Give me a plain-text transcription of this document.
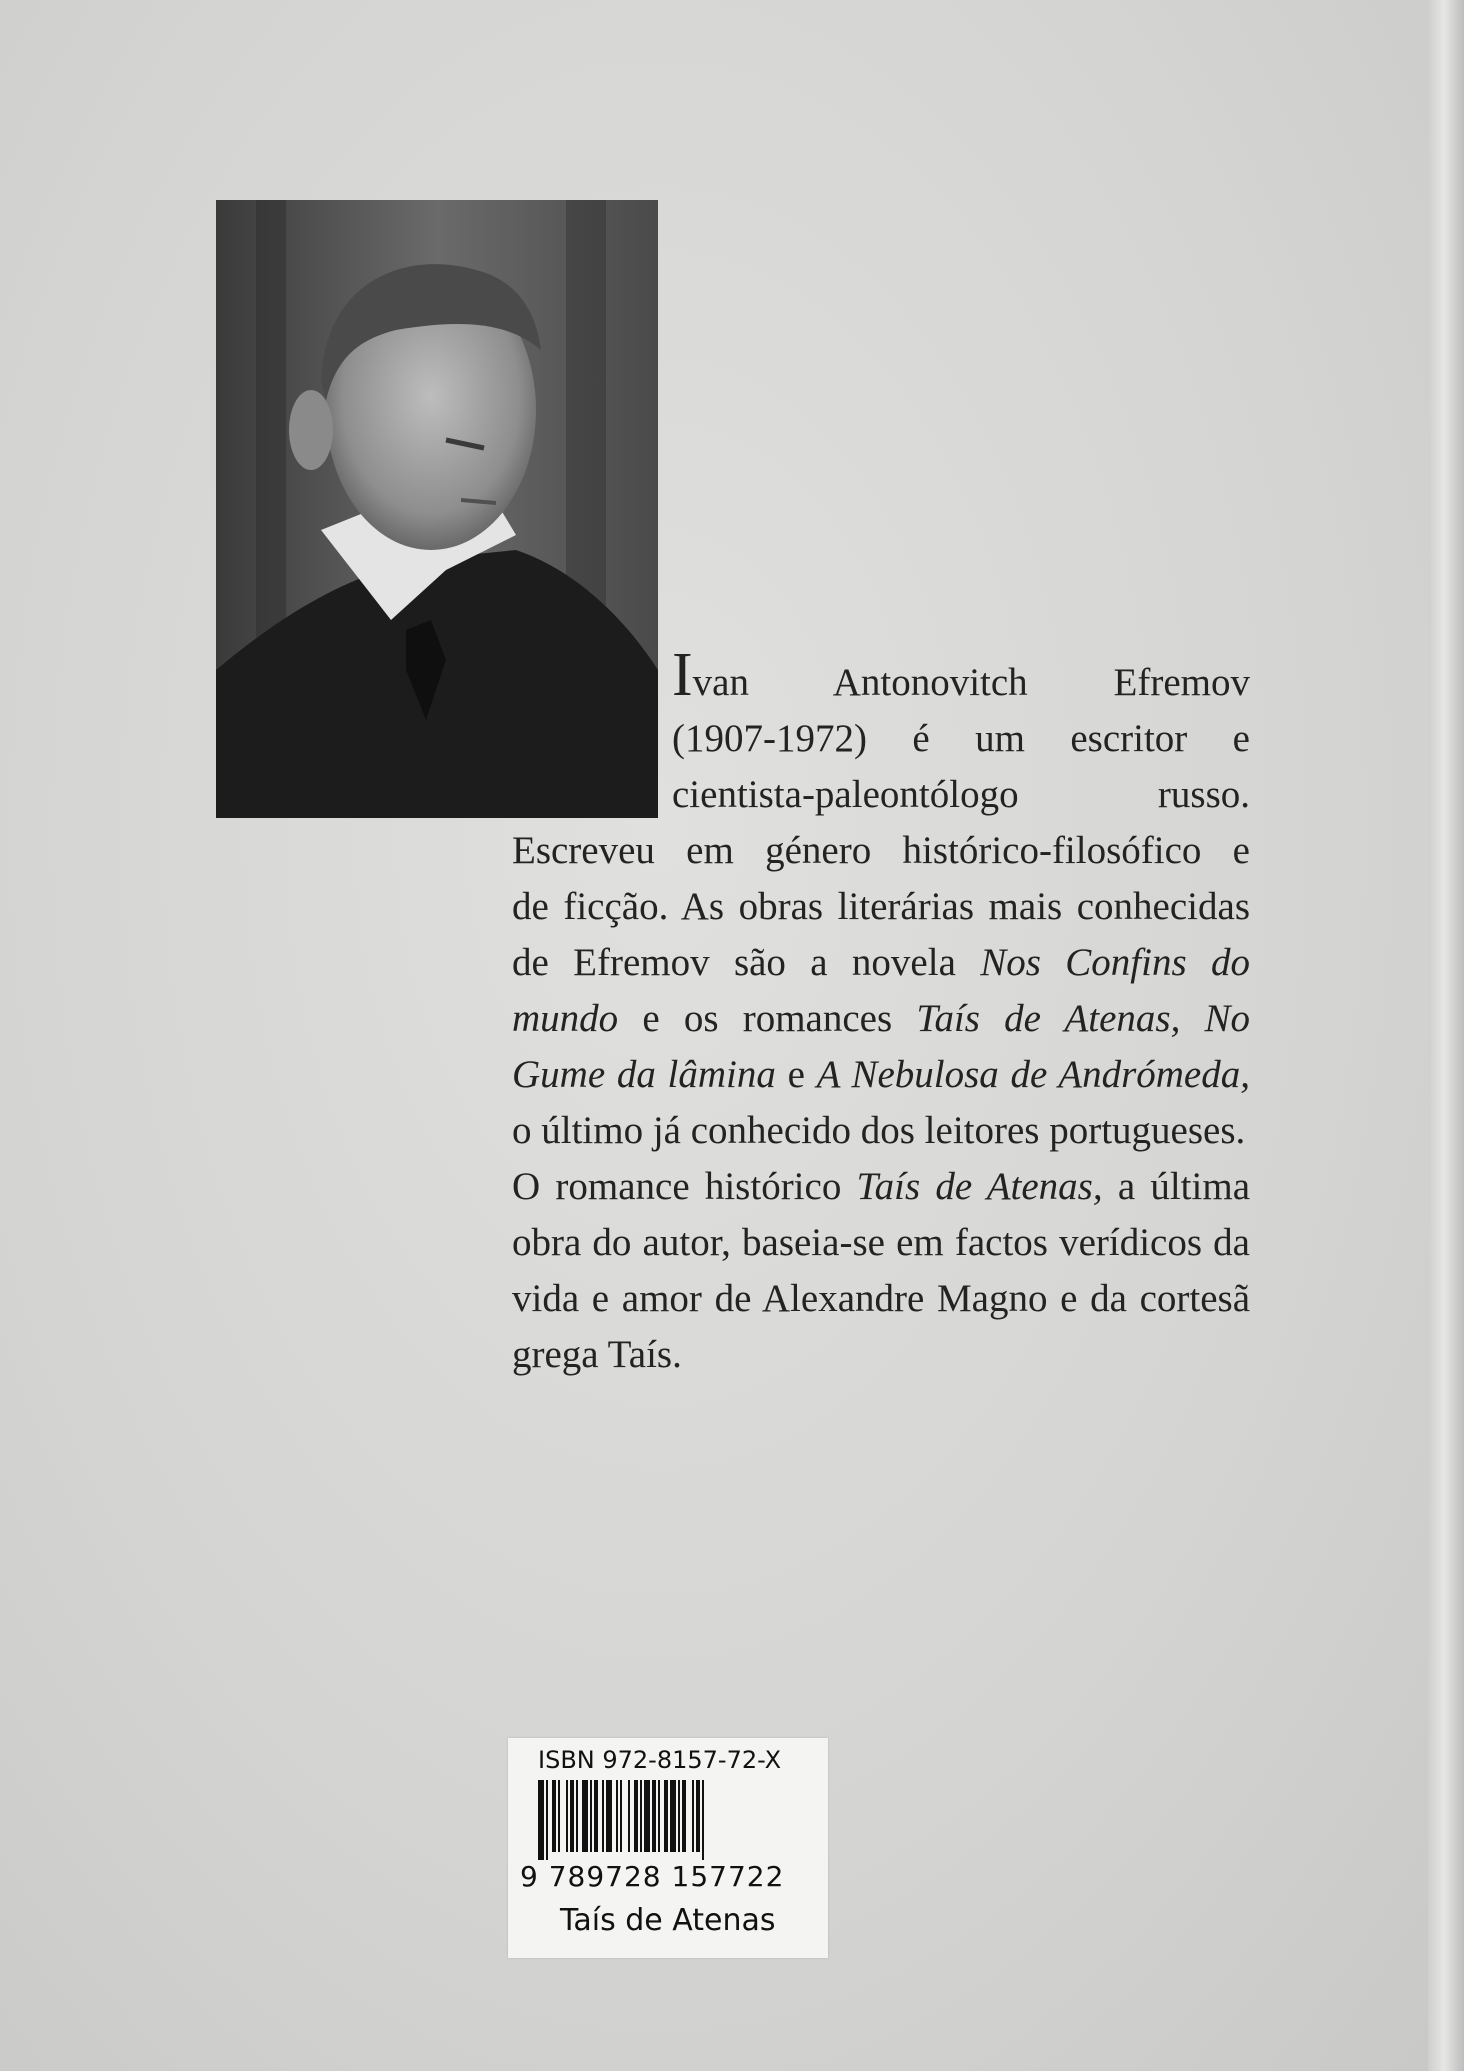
Ivan Antonovitch Efremov

(1907-1972) é um escritor e

cientista-paleontólogo russo.

Escreveu em género histórico-filosófico e

de ficção. As obras literárias mais conhecidas

de Efremov são a novela Nos Confins do mundo e os romances Taís de Atenas, No Gume da lâmina e A Nebulosa de Andrómeda, o último já conhecido dos leitores portugueses.

O romance histórico Taís de Atenas, a última obra do autor, baseia-se em factos verídicos da vida e amor de Alexandre Magno e da cortesã grega Taís.

ISBN 972-8157-72-X
9 789728 157722
Taís de Atenas
